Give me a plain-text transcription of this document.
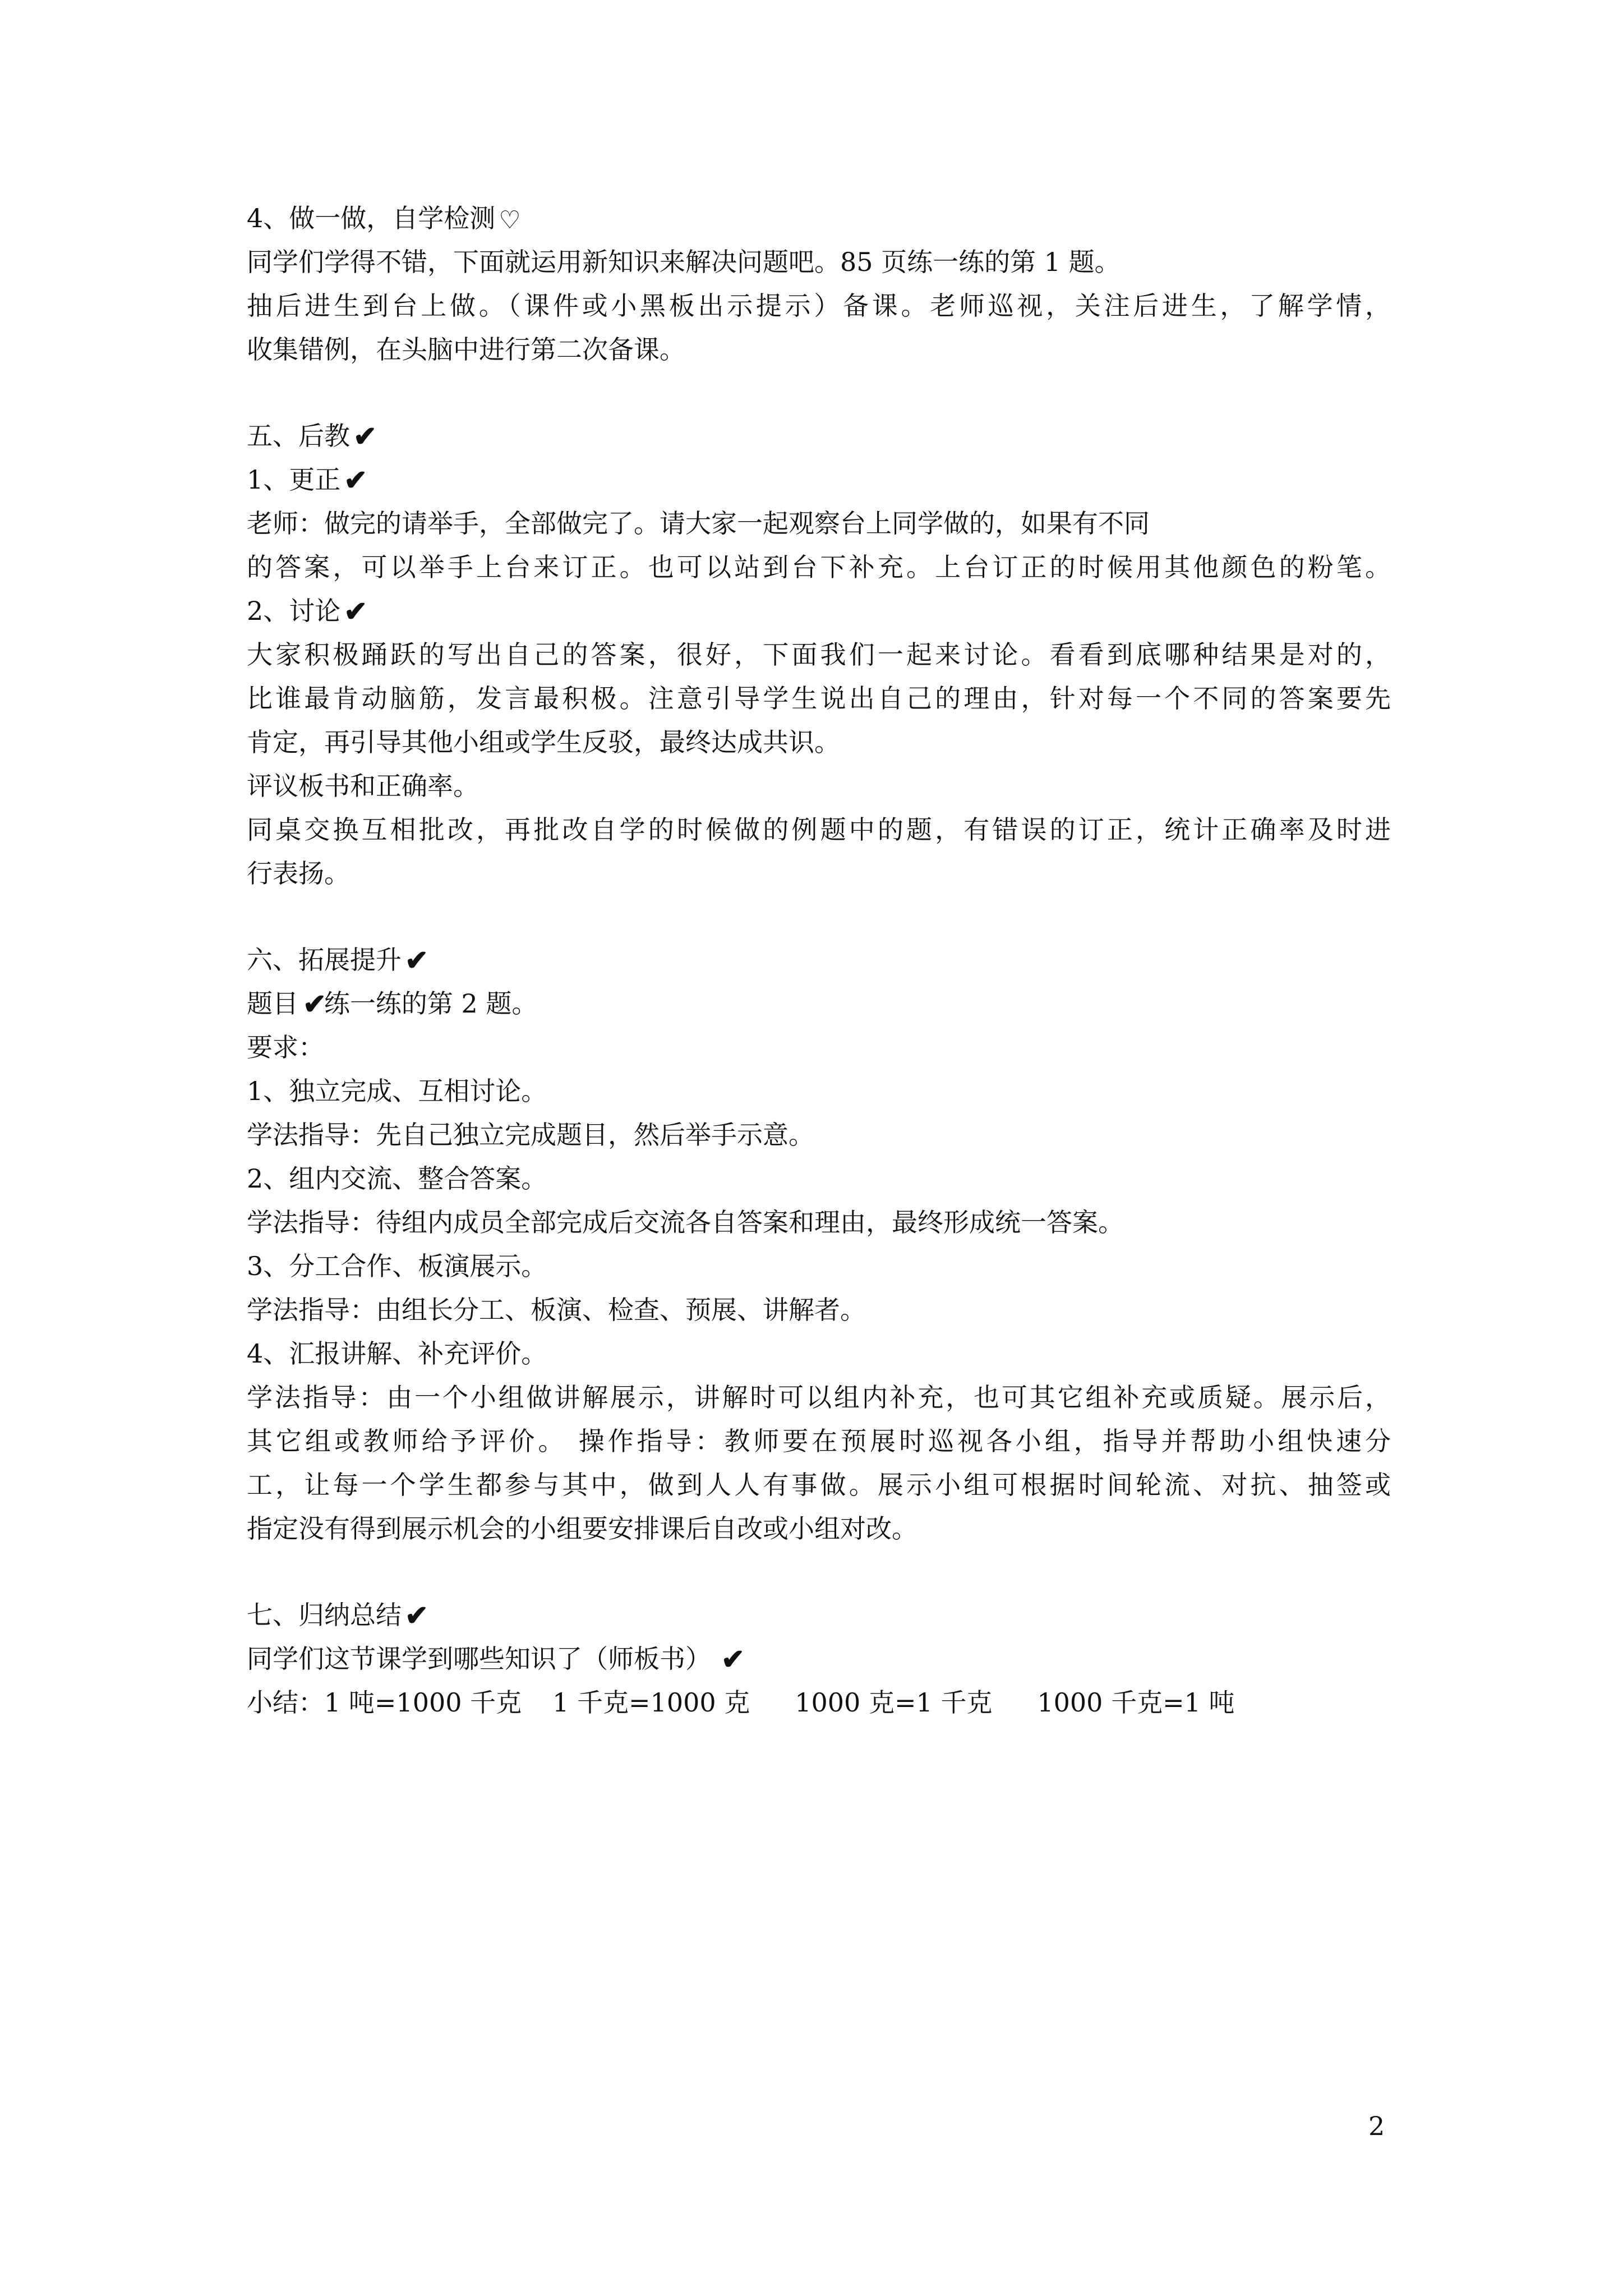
4、做一做，自学检测 ♡
同学们学得不错，下面就运用新知识来解决问题吧。85 页练一练的第 1 题。
抽后进生到台上做。（课件或小黑板出示提示）备课。老师巡视，关注后进生，了解学情，
收集错例，在头脑中进行第二次备课。
五、后教 ✔
1、更正 ✔
老师：做完的请举手，全部做完了。请大家一起观察台上同学做的，如果有不同
的答案，可以举手上台来订正。也可以站到台下补充。上台订正的时候用其他颜色的粉笔。
2、讨论 ✔
大家积极踊跃的写出自己的答案，很好，下面我们一起来讨论。看看到底哪种结果是对的，
比谁最肯动脑筋，发言最积极。注意引导学生说出自己的理由，针对每一个不同的答案要先
肯定，再引导其他小组或学生反驳，最终达成共识。
评议板书和正确率。
同桌交换互相批改，再批改自学的时候做的例题中的题，有错误的订正，统计正确率及时进
行表扬。
六、拓展提升 ✔
题目 ✔练一练的第 2 题。
要求：
1、独立完成、互相讨论。
学法指导：先自己独立完成题目，然后举手示意。
2、组内交流、整合答案。
学法指导：待组内成员全部完成后交流各自答案和理由，最终形成统一答案。
3、分工合作、板演展示。
学法指导：由组长分工、板演、检查、预展、讲解者。
4、汇报讲解、补充评价。
学法指导：由一个小组做讲解展示，讲解时可以组内补充，也可其它组补充或质疑。展示后，
其它组或教师给予评价。 操作指导：教师要在预展时巡视各小组，指导并帮助小组快速分
工，让每一个学生都参与其中，做到人人有事做。展示小组可根据时间轮流、对抗、抽签或
指定没有得到展示机会的小组要安排课后自改或小组对改。
七、归纳总结 ✔
同学们这节课学到哪些知识了（师板书） ✔
小结：1 吨=1000 千克 1 千克=1000 克 1000 克=1 千克 1000 千克=1 吨
2
